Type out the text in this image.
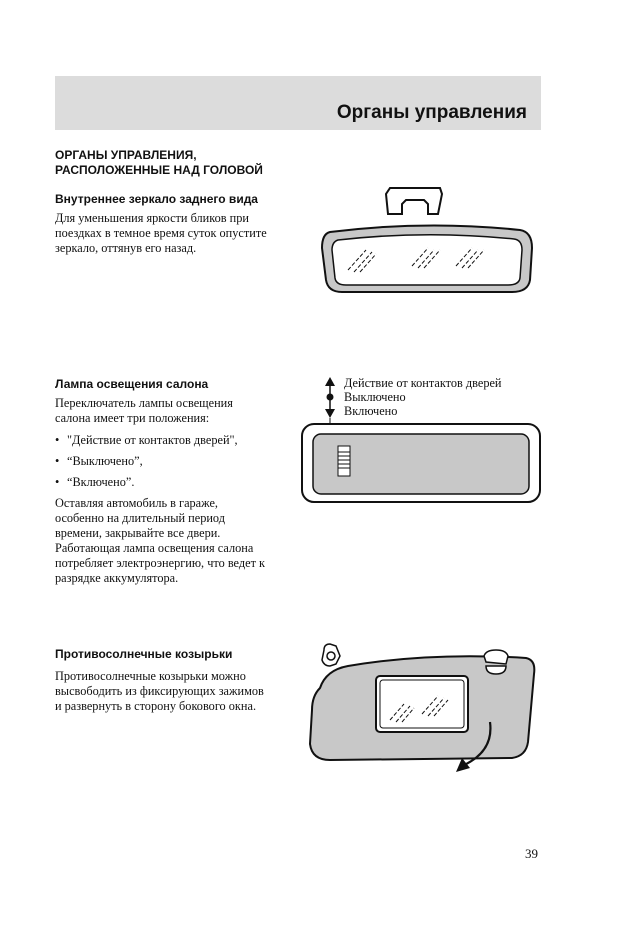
Органы управления
ОРГАНЫ УПРАВЛЕНИЯ,
РАСПОЛОЖЕННЫЕ НАД ГОЛОВОЙ
Внутреннее зеркало заднего вида
Для уменьшения яркости бликов при
поездках в темное время суток опустите
зеркало, оттянув его назад.
Лампа освещения салона
Переключатель лампы освещения
салона имеет три положения:
• "Действие от контактов дверей",
• “Выключено”,
• “Включено”.
Оставляя автомобиль в гараже,
особенно на длительный период
времени, закрывайте все двери.
Работающая лампа освещения салона
потребляет электроэнергию, что ведет к
разрядке аккумулятора.
Действие от контактов дверей
Выключено
Включено
Противосолнечные козырьки
Противосолнечные козырьки можно
высвободить из фиксирующих зажимов
и развернуть в сторону бокового окна.
39
